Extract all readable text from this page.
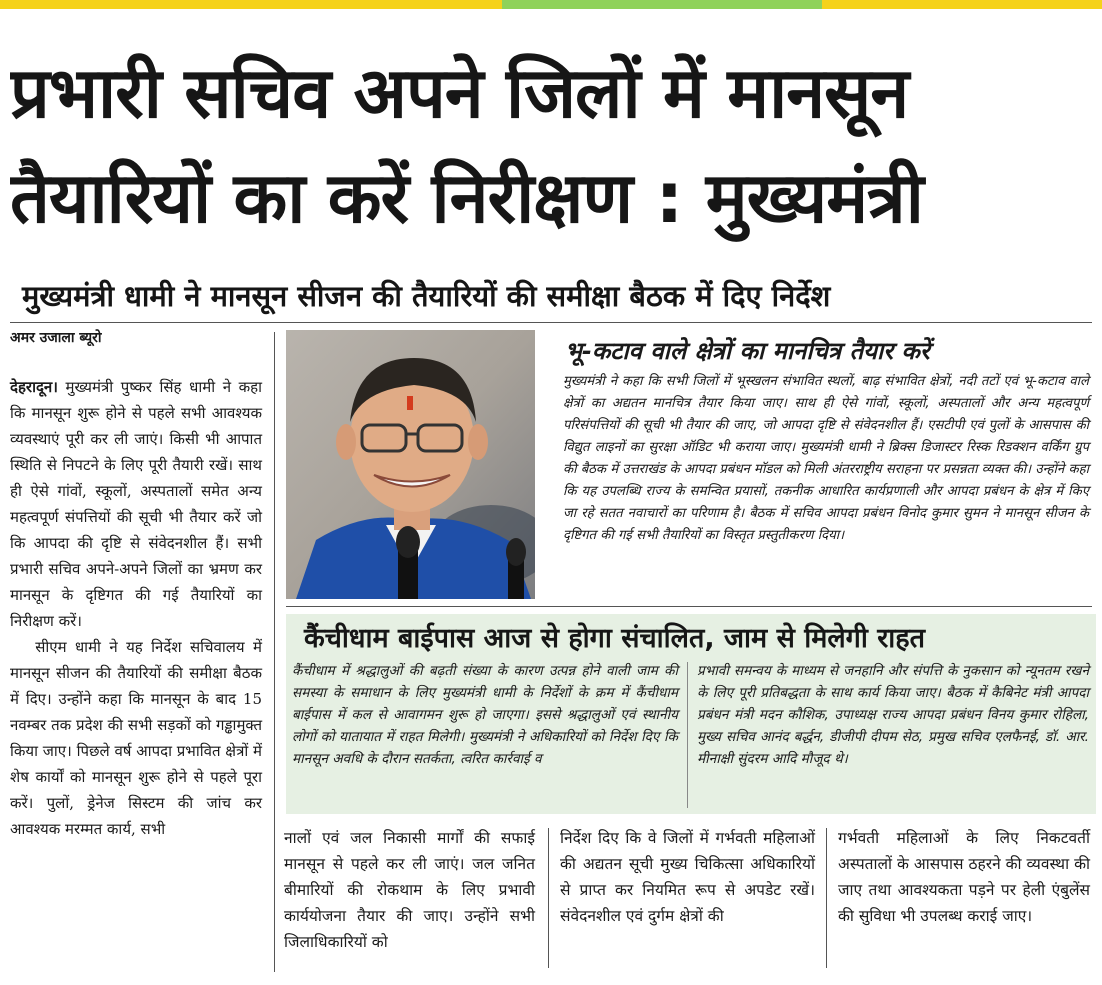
प्रभारी सचिव अपने जिलों में मानसून
तैयारियों का करें निरीक्षण : मुख्यमंत्री
मुख्यमंत्री धामी ने मानसून सीजन की तैयारियों की समीक्षा बैठक में दिए निर्देश
अमर उजाला ब्यूरो

देहरादून। मुख्यमंत्री पुष्कर सिंह धामी ने कहा कि मानसून शुरू होने से पहले सभी आवश्यक व्यवस्थाएं पूरी कर ली जाएं। किसी भी आपात स्थिति से निपटने के लिए पूरी तैयारी रखें। साथ ही ऐसे गांवों, स्कूलों, अस्पतालों समेत अन्य महत्वपूर्ण संपत्तियों की सूची भी तैयार करें जो कि आपदा की दृष्टि से संवेदनशील हैं। सभी प्रभारी सचिव अपने-अपने जिलों का भ्रमण कर मानसून के दृष्टिगत की गई तैयारियों का निरीक्षण करें।
सीएम धामी ने यह निर्देश सचिवालय में मानसून सीजन की तैयारियों की समीक्षा बैठक में दिए। उन्होंने कहा कि मानसून के बाद 15 नवम्बर तक प्रदेश की सभी सड़कों को गड्ढामुक्त किया जाए। पिछले वर्ष आपदा प्रभावित क्षेत्रों में शेष कार्यों को मानसून शुरू होने से पहले पूरा करें। पुलों, ड्रेनेज सिस्टम की जांच कर आवश्यक मरम्मत कार्य, सभी

भू-कटाव वाले क्षेत्रों का मानचित्र तैयार करें

मुख्यमंत्री ने कहा कि सभी जिलों में भूस्खलन संभावित स्थलों, बाढ़ संभावित क्षेत्रों, नदी तटों एवं भू-कटाव वाले क्षेत्रों का अद्यतन मानचित्र तैयार किया जाए। साथ ही ऐसे गांवों, स्कूलों, अस्पतालों और अन्य महत्वपूर्ण परिसंपत्तियों की सूची भी तैयार की जाए, जो आपदा दृष्टि से संवेदनशील हैं। एसटीपी एवं पुलों के आसपास की विद्युत लाइनों का सुरक्षा ऑडिट भी कराया जाए। मुख्यमंत्री धामी ने ब्रिक्स डिजास्टर रिस्क रिडक्शन वर्किंग ग्रुप की बैठक में उत्तराखंड के आपदा प्रबंधन मॉडल को मिली अंतरराष्ट्रीय सराहना पर प्रसन्नता व्यक्त की। उन्होंने कहा कि यह उपलब्धि राज्य के समन्वित प्रयासों, तकनीक आधारित कार्यप्रणाली और आपदा प्रबंधन के क्षेत्र में किए जा रहे सतत नवाचारों का परिणाम है। बैठक में सचिव आपदा प्रबंधन विनोद कुमार सुमन ने मानसून सीजन के दृष्टिगत की गई सभी तैयारियों का विस्तृत प्रस्तुतीकरण दिया।

कैंचीधाम बाईपास आज से होगा संचालित, जाम से मिलेगी राहत

कैंचीधाम में श्रद्धालुओं की बढ़ती संख्या के कारण उत्पन्न होने वाली जाम की समस्या के समाधान के लिए मुख्यमंत्री धामी के निर्देशों के क्रम में कैंचीधाम बाईपास में कल से आवागमन शुरू हो जाएगा। इससे श्रद्धालुओं एवं स्थानीय लोगों को यातायात में राहत मिलेगी। मुख्यमंत्री ने अधिकारियों को निर्देश दिए कि मानसून अवधि के दौरान सतर्कता, त्वरित कार्रवाई व

प्रभावी समन्वय के माध्यम से जनहानि और संपत्ति के नुकसान को न्यूनतम रखने के लिए पूरी प्रतिबद्धता के साथ कार्य किया जाए। बैठक में कैबिनेट मंत्री आपदा प्रबंधन मंत्री मदन कौशिक, उपाध्यक्ष राज्य आपदा प्रबंधन विनय कुमार रोहिला, मुख्य सचिव आनंद बर्द्धन, डीजीपी दीपम सेठ, प्रमुख सचिव एलफैनई, डॉ. आर. मीनाक्षी सुंदरम आदि मौजूद थे।

नालों एवं जल निकासी मार्गों की सफाई मानसून से पहले कर ली जाएं। जल जनित बीमारियों की रोकथाम के लिए प्रभावी कार्ययोजना तैयार की जाए। उन्होंने सभी जिलाधिकारियों को

निर्देश दिए कि वे जिलों में गर्भवती महिलाओं की अद्यतन सूची मुख्य चिकित्सा अधिकारियों से प्राप्त कर नियमित रूप से अपडेट रखें। संवेदनशील एवं दुर्गम क्षेत्रों की

गर्भवती महिलाओं के लिए निकटवर्ती अस्पतालों के आसपास ठहरने की व्यवस्था की जाए तथा आवश्यकता पड़ने पर हेली एंबुलेंस की सुविधा भी उपलब्ध कराई जाए।
